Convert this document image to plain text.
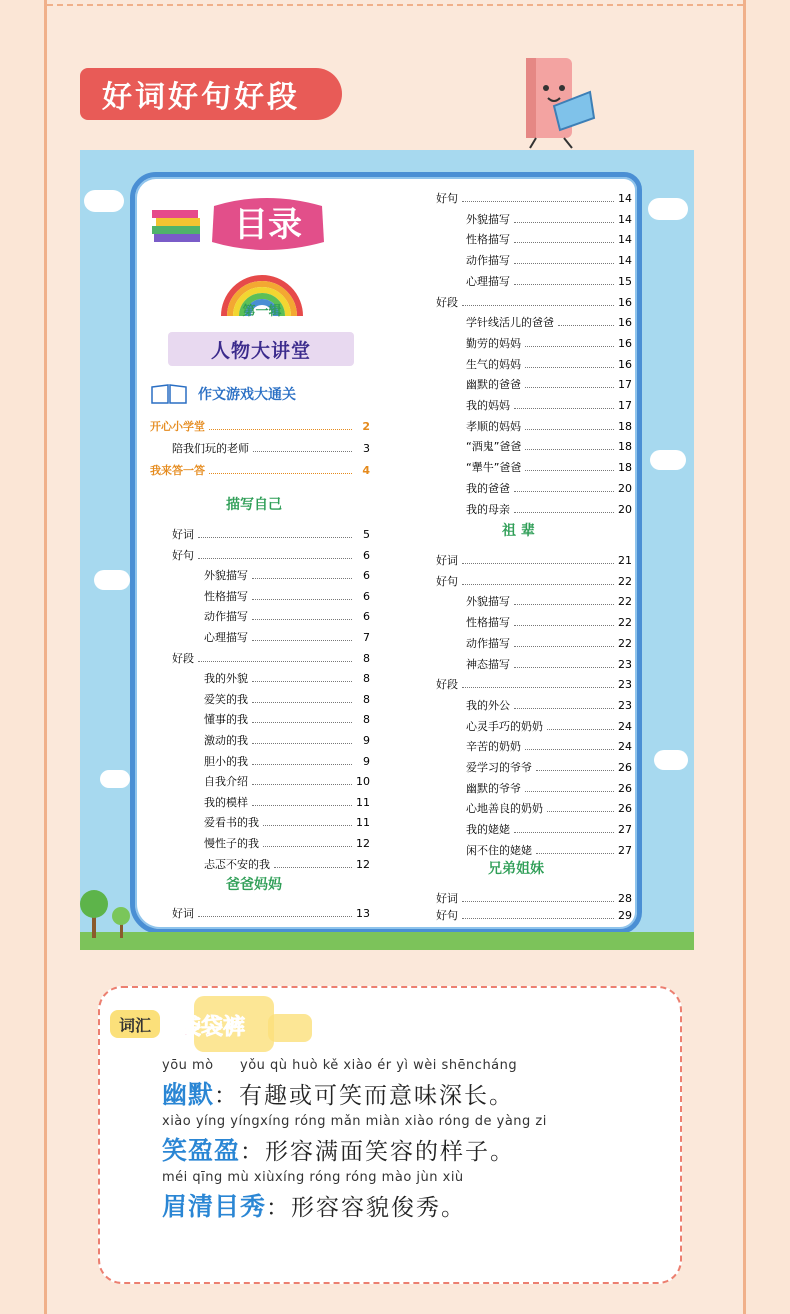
好词好句好段
目录
第一辑
人物大讲堂
作文游戏大通关
描写自己
爸爸妈妈
祖 辈
兄弟姐妹
词汇 袋袋裤
yōu mò yǒu qù huò kě xiào ér yì wèi shēncháng
幽默 ：有趣或可笑而意味深长。
xiào yíng yíngxíng róng mǎn miàn xiào róng de yàng zi
笑盈盈 ：形容满面笑容的样子。
méi qīng mù xiùxíng róng róng mào jùn xiù
眉清目秀 ：形容容貌俊秀。
开心小学堂	2
陪我们玩的老师	3
我来答一答	4
好词	5
好句	6
外貌描写	6
性格描写	6
动作描写	6
心理描写	7
好段	8
我的外貌	8
爱笑的我	8
懂事的我	8
激动的我	9
胆小的我	9
自我介绍	10
我的模样	11
爱看书的我	11
慢性子的我	12
忐忑不安的我	12
好词	13
好句	14
外貌描写	14
性格描写	14
动作描写	14
心理描写	15
好段	16
学针线活儿的爸爸	16
勤劳的妈妈	16
生气的妈妈	16
幽默的爸爸	17
我的妈妈	17
孝顺的妈妈	18
“酒鬼”爸爸	18
“犟牛”爸爸	18
我的爸爸	20
我的母亲	20
好词	21
好句	22
外貌描写	22
性格描写	22
动作描写	22
神态描写	23
好段	23
我的外公	23
心灵手巧的奶奶	24
辛苦的奶奶	24
爱学习的爷爷	26
幽默的爷爷	26
心地善良的奶奶	26
我的姥姥	27
闲不住的姥姥	27
好词	28
好句	29
